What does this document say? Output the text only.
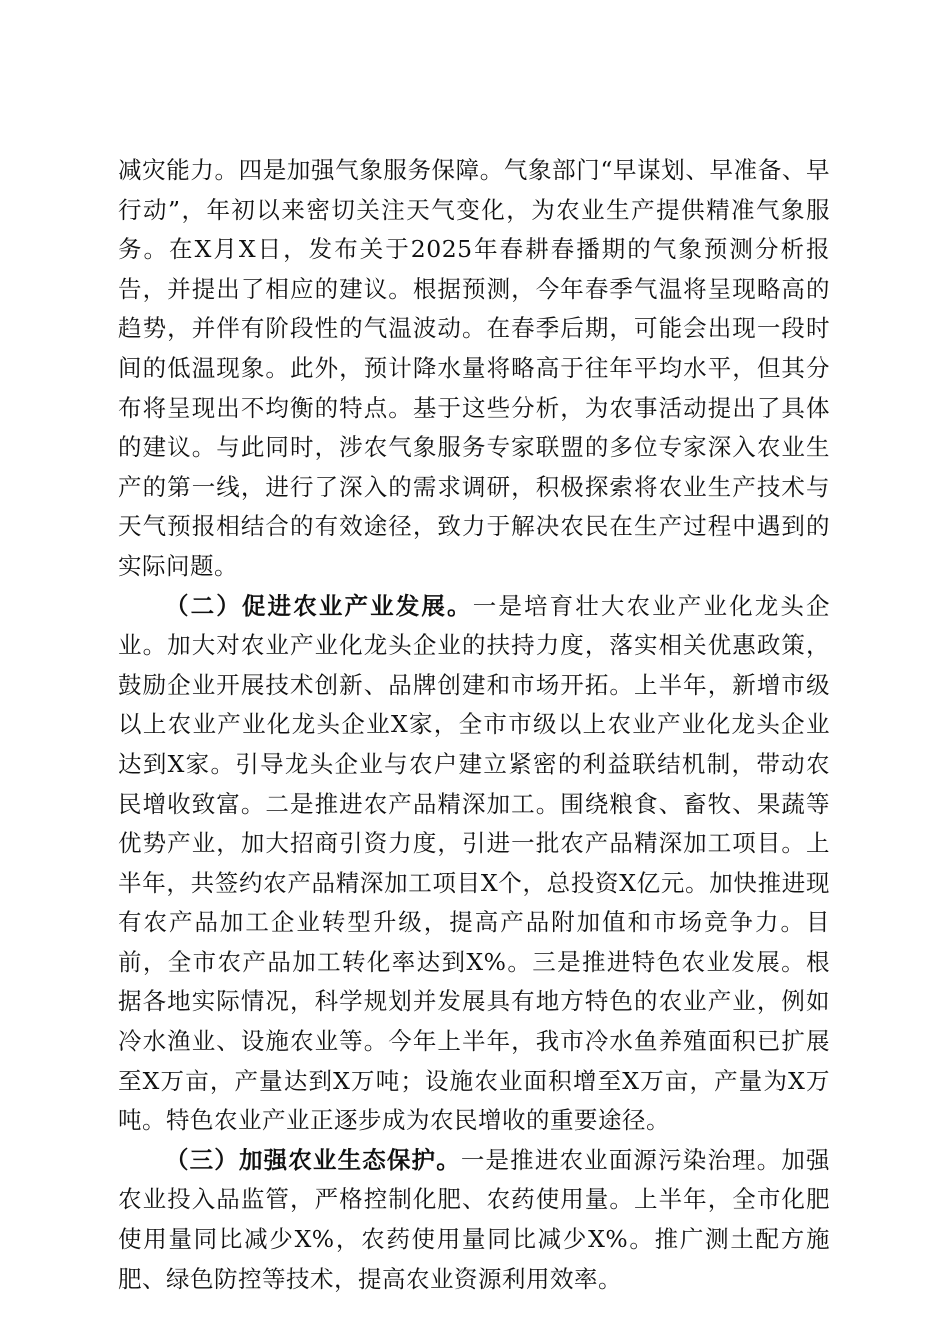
减灾能力。四是加强气象服务保障。气象部门“早谋划、早准备、早行动”，年初以来密切关注天气变化，为农业生产提供精准气象服务。在X月X日，发布关于2025年春耕春播期的气象预测分析报告，并提出了相应的建议。根据预测，今年春季气温将呈现略高的趋势，并伴有阶段性的气温波动。在春季后期，可能会出现一段时间的低温现象。此外，预计降水量将略高于往年平均水平，但其分布将呈现出不均衡的特点。基于这些分析，为农事活动提出了具体的建议。与此同时，涉农气象服务专家联盟的多位专家深入农业生产的第一线，进行了深入的需求调研，积极探索将农业生产技术与天气预报相结合的有效途径，致力于解决农民在生产过程中遇到的实际问题。

（二）促进农业产业发展。一是培育壮大农业产业化龙头企业。加大对农业产业化龙头企业的扶持力度，落实相关优惠政策，鼓励企业开展技术创新、品牌创建和市场开拓。上半年，新增市级以上农业产业化龙头企业X家，全市市级以上农业产业化龙头企业达到X家。引导龙头企业与农户建立紧密的利益联结机制，带动农民增收致富。二是推进农产品精深加工。围绕粮食、畜牧、果蔬等优势产业，加大招商引资力度，引进一批农产品精深加工项目。上半年，共签约农产品精深加工项目X个，总投资X亿元。加快推进现有农产品加工企业转型升级，提高产品附加值和市场竞争力。目前，全市农产品加工转化率达到X%。三是推进特色农业发展。根据各地实际情况，科学规划并发展具有地方特色的农业产业，例如冷水渔业、设施农业等。今年上半年，我市冷水鱼养殖面积已扩展至X万亩，产量达到X万吨；设施农业面积增至X万亩，产量为X万吨。特色农业产业正逐步成为农民增收的重要途径。

（三）加强农业生态保护。一是推进农业面源污染治理。加强农业投入品监管，严格控制化肥、农药使用量。上半年，全市化肥使用量同比减少X%，农药使用量同比减少X%。推广测土配方施肥、绿色防控等技术，提高农业资源利用效率。
